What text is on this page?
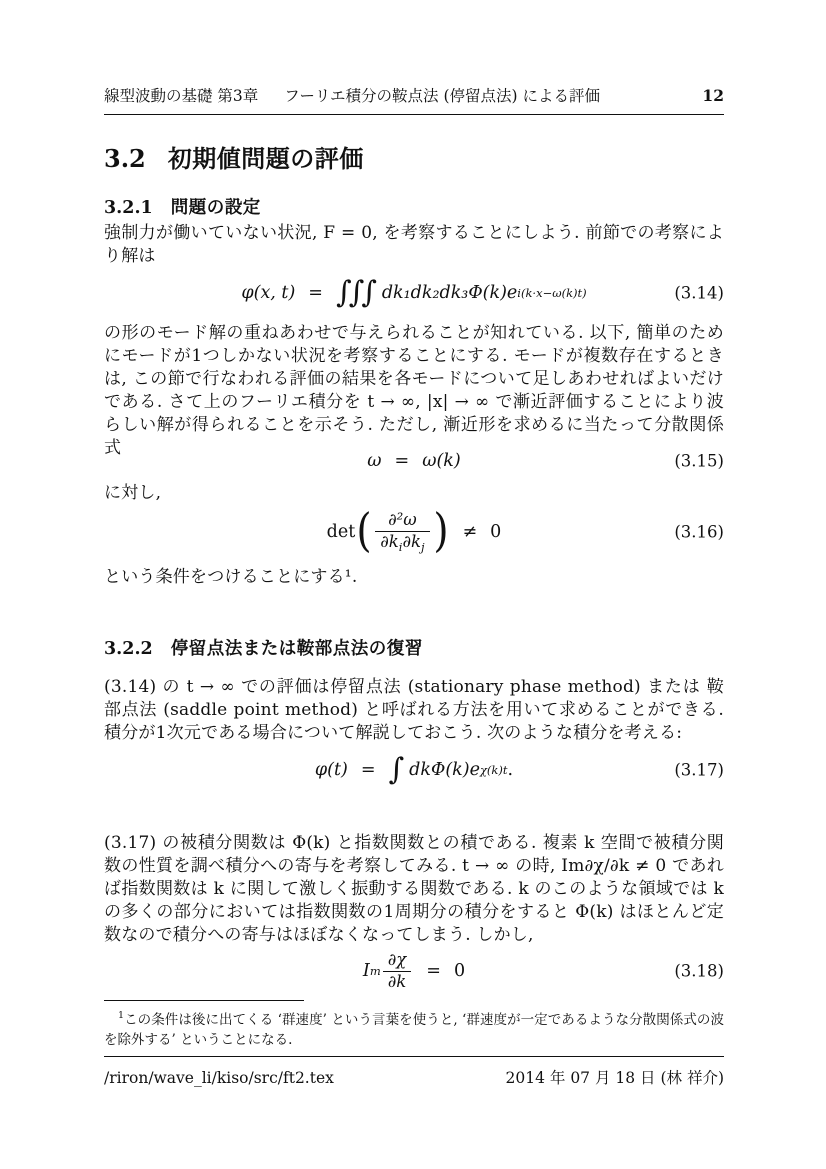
線型波動の基礎 第3章 フーリエ積分の鞍点法 (停留点法) による評価	12
3.2 初期値問題の評価
3.2.1 問題の設定
強制力が働いていない状況, F = 0, を考察することにしよう. 前節での考察により解は
φ(x, t) = ∫∫∫ dk₁dk₂dk₃Φ(k)e i(k·x−ω(k)t)	(3.14)
の形のモード解の重ねあわせで与えられることが知れている. 以下, 簡単のためにモードが1つしかない状況を考察することにする. モードが複数存在するときは, この節で行なわれる評価の結果を各モードについて足しあわせればよいだけである. さて上のフーリエ積分を t → ∞, |x| → ∞ で漸近評価することにより波らしい解が得られることを示そう. ただし, 漸近形を求めるに当たって分散関係式
ω = ω(k)	(3.15)
に対し,
det ( $\frac{\text{∂²ω}}{\partial k_i\partial k_j}$ ) ≠ 0	(3.16)
という条件をつけることにする¹.
3.2.2 停留点法または鞍部点法の復習
(3.14) の t → ∞ での評価は停留点法 (stationary phase method) または 鞍部点法 (saddle point method) と呼ばれる方法を用いて求めることができる. 積分が1次元である場合について解説しておこう. 次のような積分を考える:
φ(t) = ∫ dkΦ(k)e χ(k)t .	(3.17)
(3.17) の被積分関数は Φ(k) と指数関数との積である. 複素 k 空間で被積分関数の性質を調べ積分への寄与を考察してみる. t → ∞ の時, Im∂χ/∂k ≠ 0 であれば指数関数は k に関して激しく振動する関数である. k のこのような領域では k の多くの部分においては指数関数の1周期分の積分をすると Φ(k) はほとんど定数なので積分への寄与はほぼなくなってしまう. しかし,
I m $\frac{\partial\chi}{\partial k} = 0$	(3.18)
$^1$この条件は後に出てくる ‘群速度’ という言葉を使うと, ‘群速度が一定であるような分散関係式の波を除外する’ ということになる.
/riron/wave_li/kiso/src/ft2.tex	2014 年 07 月 18 日 (林 祥介)
